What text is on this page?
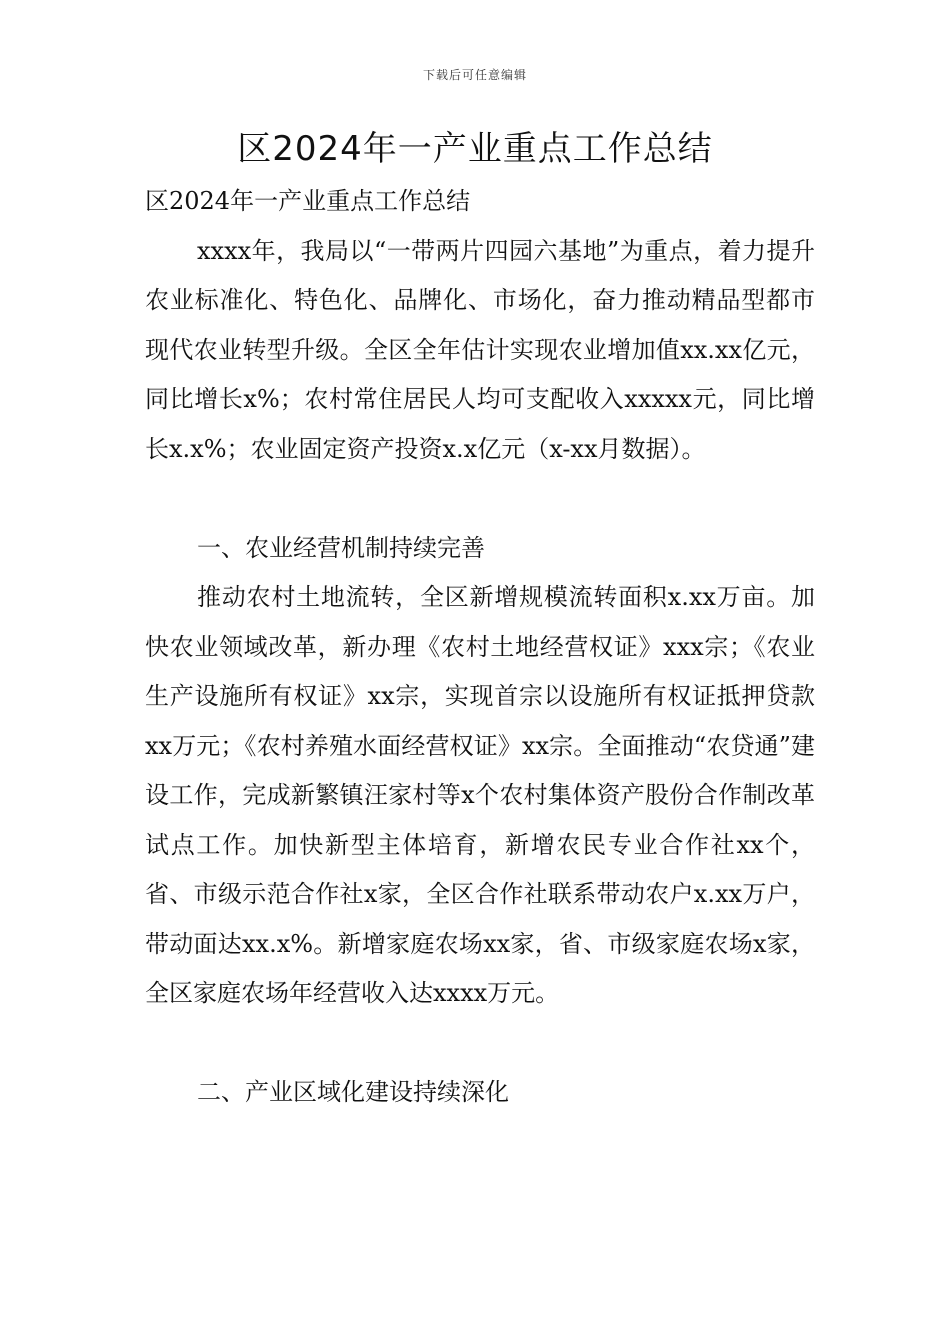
下载后可任意编辑
区2024年一产业重点工作总结

区2024年一产业重点工作总结

xxxx年，我局以“一带两片四园六基地”为重点，着力提升农业标准化、特色化、品牌化、市场化，奋力推动精品型都市现代农业转型升级。全区全年估计实现农业增加值xx.xx亿元，同比增长x%；农村常住居民人均可支配收入xxxxx元，同比增长x.x%；农业固定资产投资x.x亿元（x-xx月数据）。

一、农业经营机制持续完善

推动农村土地流转，全区新增规模流转面积x.xx万亩。加快农业领域改革，新办理《农村土地经营权证》xxx宗；《农业生产设施所有权证》xx宗，实现首宗以设施所有权证抵押贷款xx万元；《农村养殖水面经营权证》xx宗。全面推动“农贷通”建设工作，完成新繁镇汪家村等x个农村集体资产股份合作制改革试点工作。加快新型主体培育，新增农民专业合作社xx个，省、市级示范合作社x家，全区合作社联系带动农户x.xx万户，带动面达xx.x%。新增家庭农场xx家，省、市级家庭农场x家，全区家庭农场年经营收入达xxxx万元。

二、产业区域化建设持续深化
